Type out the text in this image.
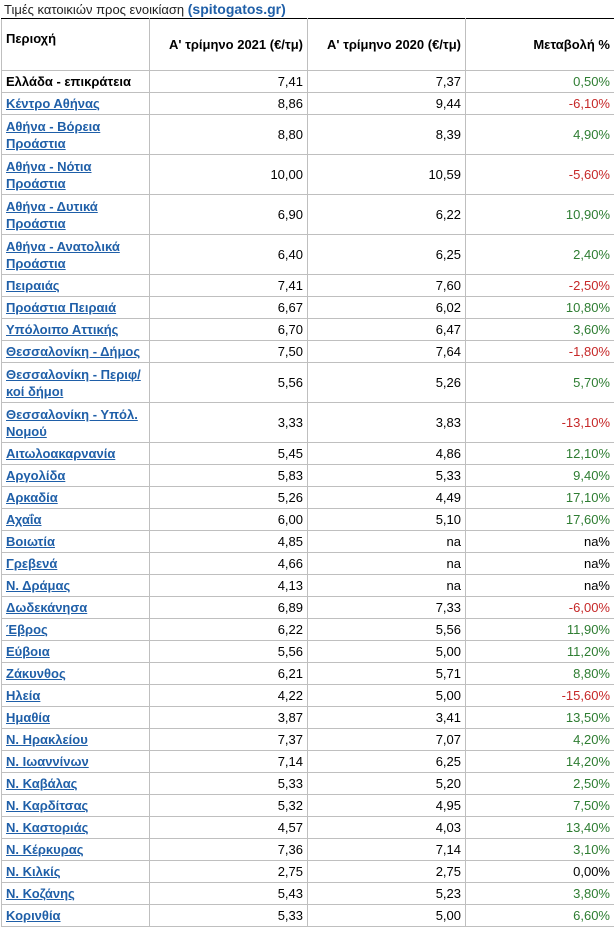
Τιμές κατοικιών προς ενοικίαση (spitogatos.gr)
Περιοχή	Α' τρίμηνο 2021 (€/τμ)	Α' τρίμηνο 2020 (€/τμ)	Μεταβολή %
Ελλάδα - επικράτεια	7,41	7,37	0,50%
Κέντρο Αθήνας	8,86	9,44	-6,10%
Αθήνα - Βόρεια Προάστια	8,80	8,39	4,90%
Αθήνα - Νότια Προάστια	10,00	10,59	-5,60%
Αθήνα - Δυτικά Προάστια	6,90	6,22	10,90%
Αθήνα - Ανατολικά Προάστια	6,40	6,25	2,40%
Πειραιάς	7,41	7,60	-2,50%
Προάστια Πειραιά	6,67	6,02	10,80%
Υπόλοιπο Αττικής	6,70	6,47	3,60%
Θεσσαλονίκη - Δήμος	7,50	7,64	-1,80%
Θεσσαλονίκη - Περιφ/κοί δήμοι	5,56	5,26	5,70%
Θεσσαλονίκη - Υπόλ. Νομού	3,33	3,83	-13,10%
Αιτωλοακαρνανία	5,45	4,86	12,10%
Αργολίδα	5,83	5,33	9,40%
Αρκαδία	5,26	4,49	17,10%
Αχαΐα	6,00	5,10	17,60%
Βοιωτία	4,85	na	na%
Γρεβενά	4,66	na	na%
Ν. Δράμας	4,13	na	na%
Δωδεκάνησα	6,89	7,33	-6,00%
Έβρος	6,22	5,56	11,90%
Εύβοια	5,56	5,00	11,20%
Ζάκυνθος	6,21	5,71	8,80%
Ηλεία	4,22	5,00	-15,60%
Ημαθία	3,87	3,41	13,50%
Ν. Ηρακλείου	7,37	7,07	4,20%
Ν. Ιωαννίνων	7,14	6,25	14,20%
Ν. Καβάλας	5,33	5,20	2,50%
Ν. Καρδίτσας	5,32	4,95	7,50%
Ν. Καστοριάς	4,57	4,03	13,40%
Ν. Κέρκυρας	7,36	7,14	3,10%
Ν. Κιλκίς	2,75	2,75	0,00%
Ν. Κοζάνης	5,43	5,23	3,80%
Κορινθία	5,33	5,00	6,60%
